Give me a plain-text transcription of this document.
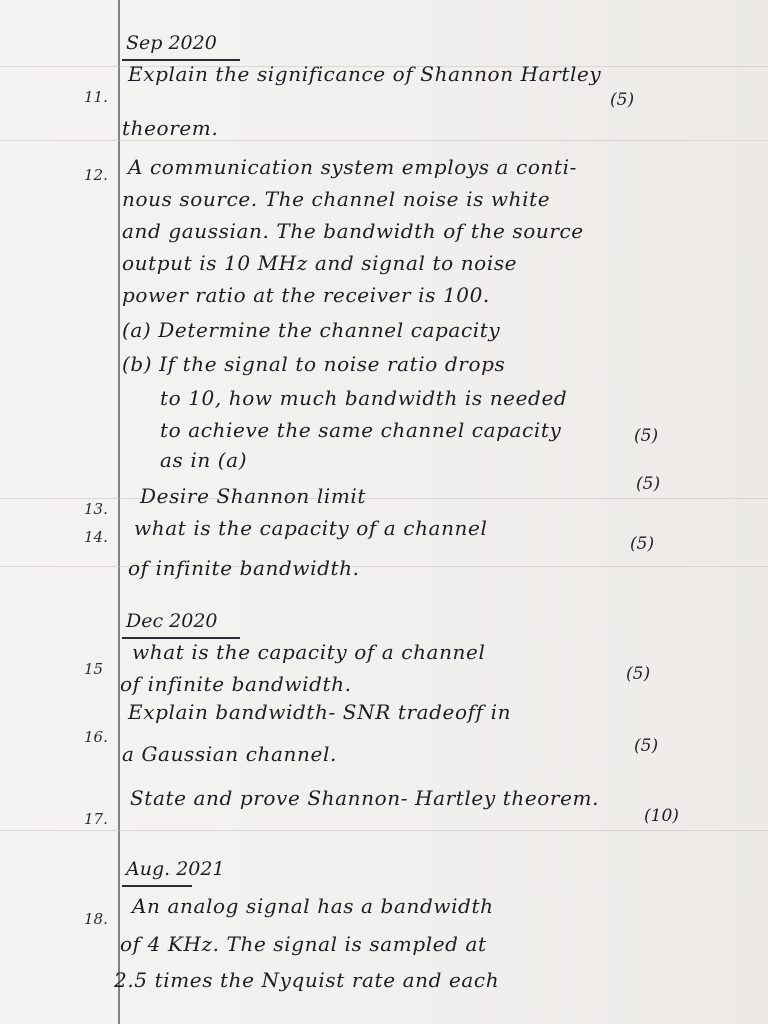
Sep 2020
11.
Explain the significance of Shannon Hartley
(5)
theorem.
12.	A communication system employs a conti-
nous source. The channel noise is white
and gaussian. The bandwidth of the source
output is 10 MHz and signal to noise
power ratio at the receiver is 100.
(a) Determine the channel capacity
(b) If the signal to noise ratio drops
to 10, how much bandwidth is needed
to achieve the same channel capacity	(5)
as in (a)
13.
Desire Shannon limit	(5)
14.	what is the capacity of a channel
(5)
of infinite bandwidth.
Dec 2020
15
what is the capacity of a channel
(5)
of infinite bandwidth.
16.
Explain bandwidth- SNR tradeoff in
(5)
a Gaussian channel.
17.
State and prove Shannon- Hartley theorem.
(10)
Aug. 2021
18.
An analog signal has a bandwidth
of 4 KHz. The signal is sampled at
2.5 times the Nyquist rate and each
